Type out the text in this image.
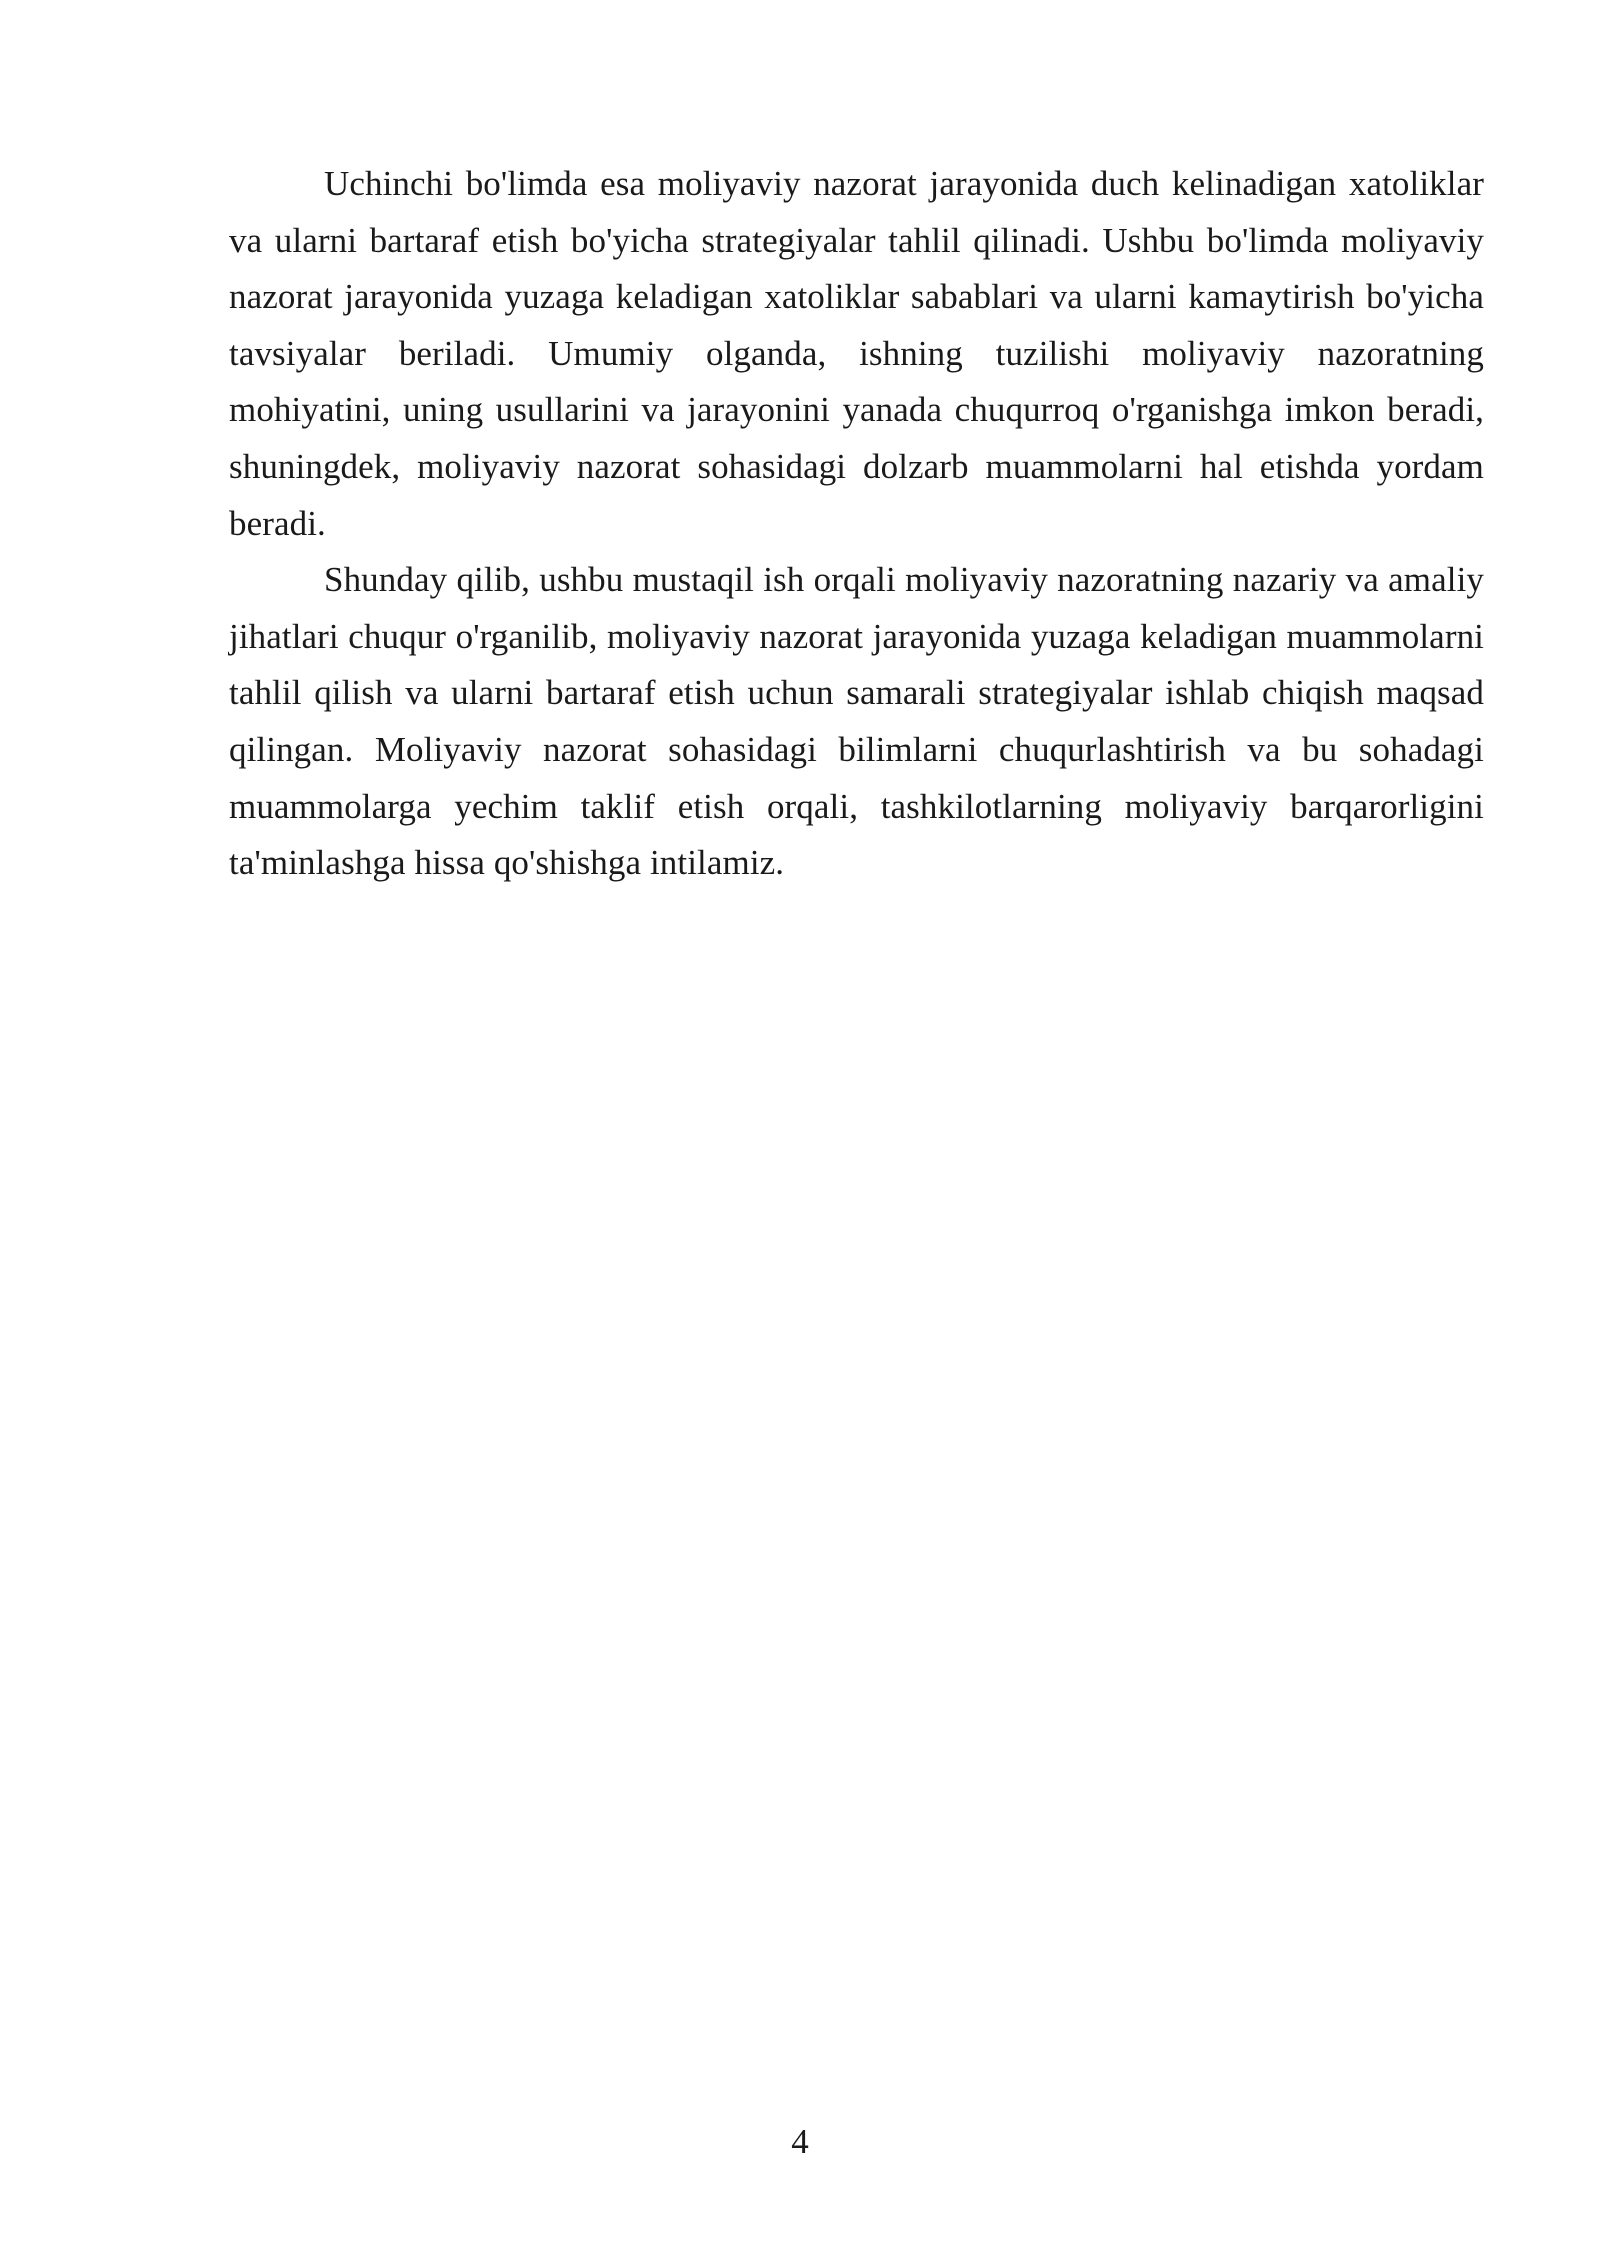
Uchinchi bo'limda esa moliyaviy nazorat jarayonida duch kelinadigan xatoliklar va ularni bartaraf etish bo'yicha strategiyalar tahlil qilinadi. Ushbu bo'limda moliyaviy nazorat jarayonida yuzaga keladigan xatoliklar sabablari va ularni kamaytirish bo'yicha tavsiyalar beriladi. Umumiy olganda, ishning tuzilishi moliyaviy nazoratning mohiyatini, uning usullarini va jarayonini yanada chuqurroq o'rganishga imkon beradi, shuningdek, moliyaviy nazorat sohasidagi dolzarb muammolarni hal etishda yordam beradi.

Shunday qilib, ushbu mustaqil ish orqali moliyaviy nazoratning nazariy va amaliy jihatlari chuqur o'rganilib, moliyaviy nazorat jarayonida yuzaga keladigan muammolarni tahlil qilish va ularni bartaraf etish uchun samarali strategiyalar ishlab chiqish maqsad qilingan. Moliyaviy nazorat sohasidagi bilimlarni chuqurlashtirish va bu sohadagi muammolarga yechim taklif etish orqali, tashkilotlarning moliyaviy barqarorligini ta'minlashga hissa qo'shishga intilamiz.

4
